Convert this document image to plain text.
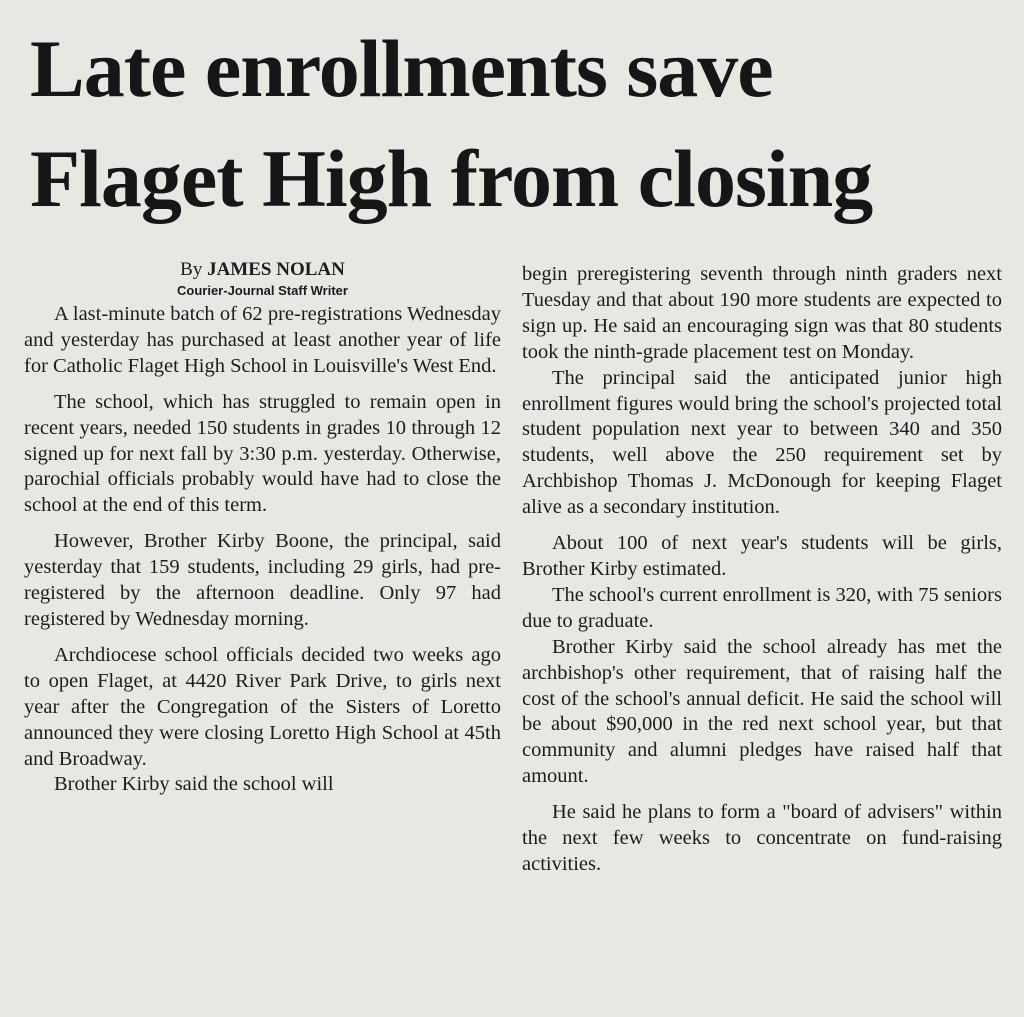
Late enrollments save
Flaget High from closing
By JAMES NOLAN
Courier-Journal Staff Writer

A last-minute batch of 62 pre-registrations Wednesday and yesterday has purchased at least another year of life for Catholic Flaget High School in Louisville's West End.

The school, which has struggled to remain open in recent years, needed 150 students in grades 10 through 12 signed up for next fall by 3:30 p.m. yesterday. Otherwise, parochial officials probably would have had to close the school at the end of this term.

However, Brother Kirby Boone, the principal, said yesterday that 159 students, including 29 girls, had pre-registered by the afternoon deadline. Only 97 had registered by Wednesday morning.

Archdiocese school officials decided two weeks ago to open Flaget, at 4420 River Park Drive, to girls next year after the Congregation of the Sisters of Loretto announced they were closing Loretto High School at 45th and Broadway.

Brother Kirby said the school will

begin preregistering seventh through ninth graders next Tuesday and that about 190 more students are expected to sign up. He said an encouraging sign was that 80 students took the ninth-grade placement test on Monday.

The principal said the anticipated junior high enrollment figures would bring the school's projected total student population next year to between 340 and 350 students, well above the 250 requirement set by Archbishop Thomas J. McDonough for keeping Flaget alive as a secondary institution.

About 100 of next year's students will be girls, Brother Kirby estimated.

The school's current enrollment is 320, with 75 seniors due to graduate.

Brother Kirby said the school already has met the archbishop's other requirement, that of raising half the cost of the school's annual deficit. He said the school will be about $90,000 in the red next school year, but that community and alumni pledges have raised half that amount.

He said he plans to form a "board of advisers" within the next few weeks to concentrate on fund-raising activities.
